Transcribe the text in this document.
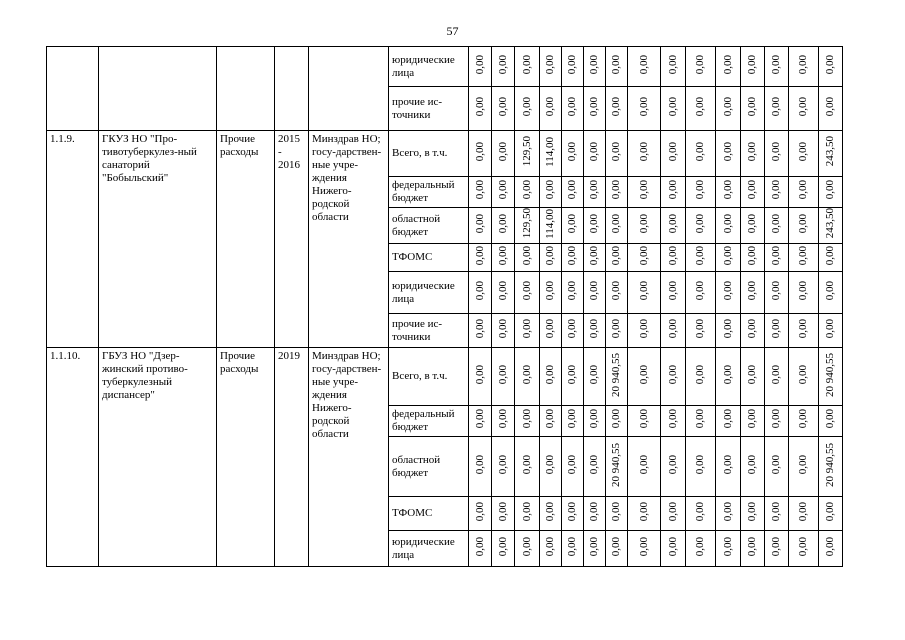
57
					юридические лица	0,00	0,00	0,00	0,00	0,00	0,00	0,00	0,00	0,00	0,00	0,00	0,00	0,00	0,00	0,00
					прочие ис-точники	0,00	0,00	0,00	0,00	0,00	0,00	0,00	0,00	0,00	0,00	0,00	0,00	0,00	0,00	0,00
1.1.9.	ГКУЗ НО "Про-тивотуберкулез-ный санаторий "Бобыльский"	Прочие расходы	2015 - 2016	Минздрав НО; госу-дарствен-ные учре-ждения Нижего-родской области	Всего, в т.ч.	0,00	0,00	129,50	114,00	0,00	0,00	0,00	0,00	0,00	0,00	0,00	0,00	0,00	0,00	243,50
					федеральный бюджет	0,00	0,00	0,00	0,00	0,00	0,00	0,00	0,00	0,00	0,00	0,00	0,00	0,00	0,00	0,00
					областной бюджет	0,00	0,00	129,50	114,00	0,00	0,00	0,00	0,00	0,00	0,00	0,00	0,00	0,00	0,00	243,50
					ТФОМС	0,00	0,00	0,00	0,00	0,00	0,00	0,00	0,00	0,00	0,00	0,00	0,00	0,00	0,00	0,00
					юридические лица	0,00	0,00	0,00	0,00	0,00	0,00	0,00	0,00	0,00	0,00	0,00	0,00	0,00	0,00	0,00
					прочие ис-точники	0,00	0,00	0,00	0,00	0,00	0,00	0,00	0,00	0,00	0,00	0,00	0,00	0,00	0,00	0,00
1.1.10.	ГБУЗ НО "Дзер-жинский противо-туберкулезный диспансер"	Прочие расходы	2019	Минздрав НО; госу-дарствен-ные учре-ждения Нижего-родской области	Всего, в т.ч.	0,00	0,00	0,00	0,00	0,00	0,00	20 940,55	0,00	0,00	0,00	0,00	0,00	0,00	0,00	20 940,55
					федеральный бюджет	0,00	0,00	0,00	0,00	0,00	0,00	0,00	0,00	0,00	0,00	0,00	0,00	0,00	0,00	0,00
					областной бюджет	0,00	0,00	0,00	0,00	0,00	0,00	20 940,55	0,00	0,00	0,00	0,00	0,00	0,00	0,00	20 940,55
					ТФОМС	0,00	0,00	0,00	0,00	0,00	0,00	0,00	0,00	0,00	0,00	0,00	0,00	0,00	0,00	0,00
					юридические лица	0,00	0,00	0,00	0,00	0,00	0,00	0,00	0,00	0,00	0,00	0,00	0,00	0,00	0,00	0,00
